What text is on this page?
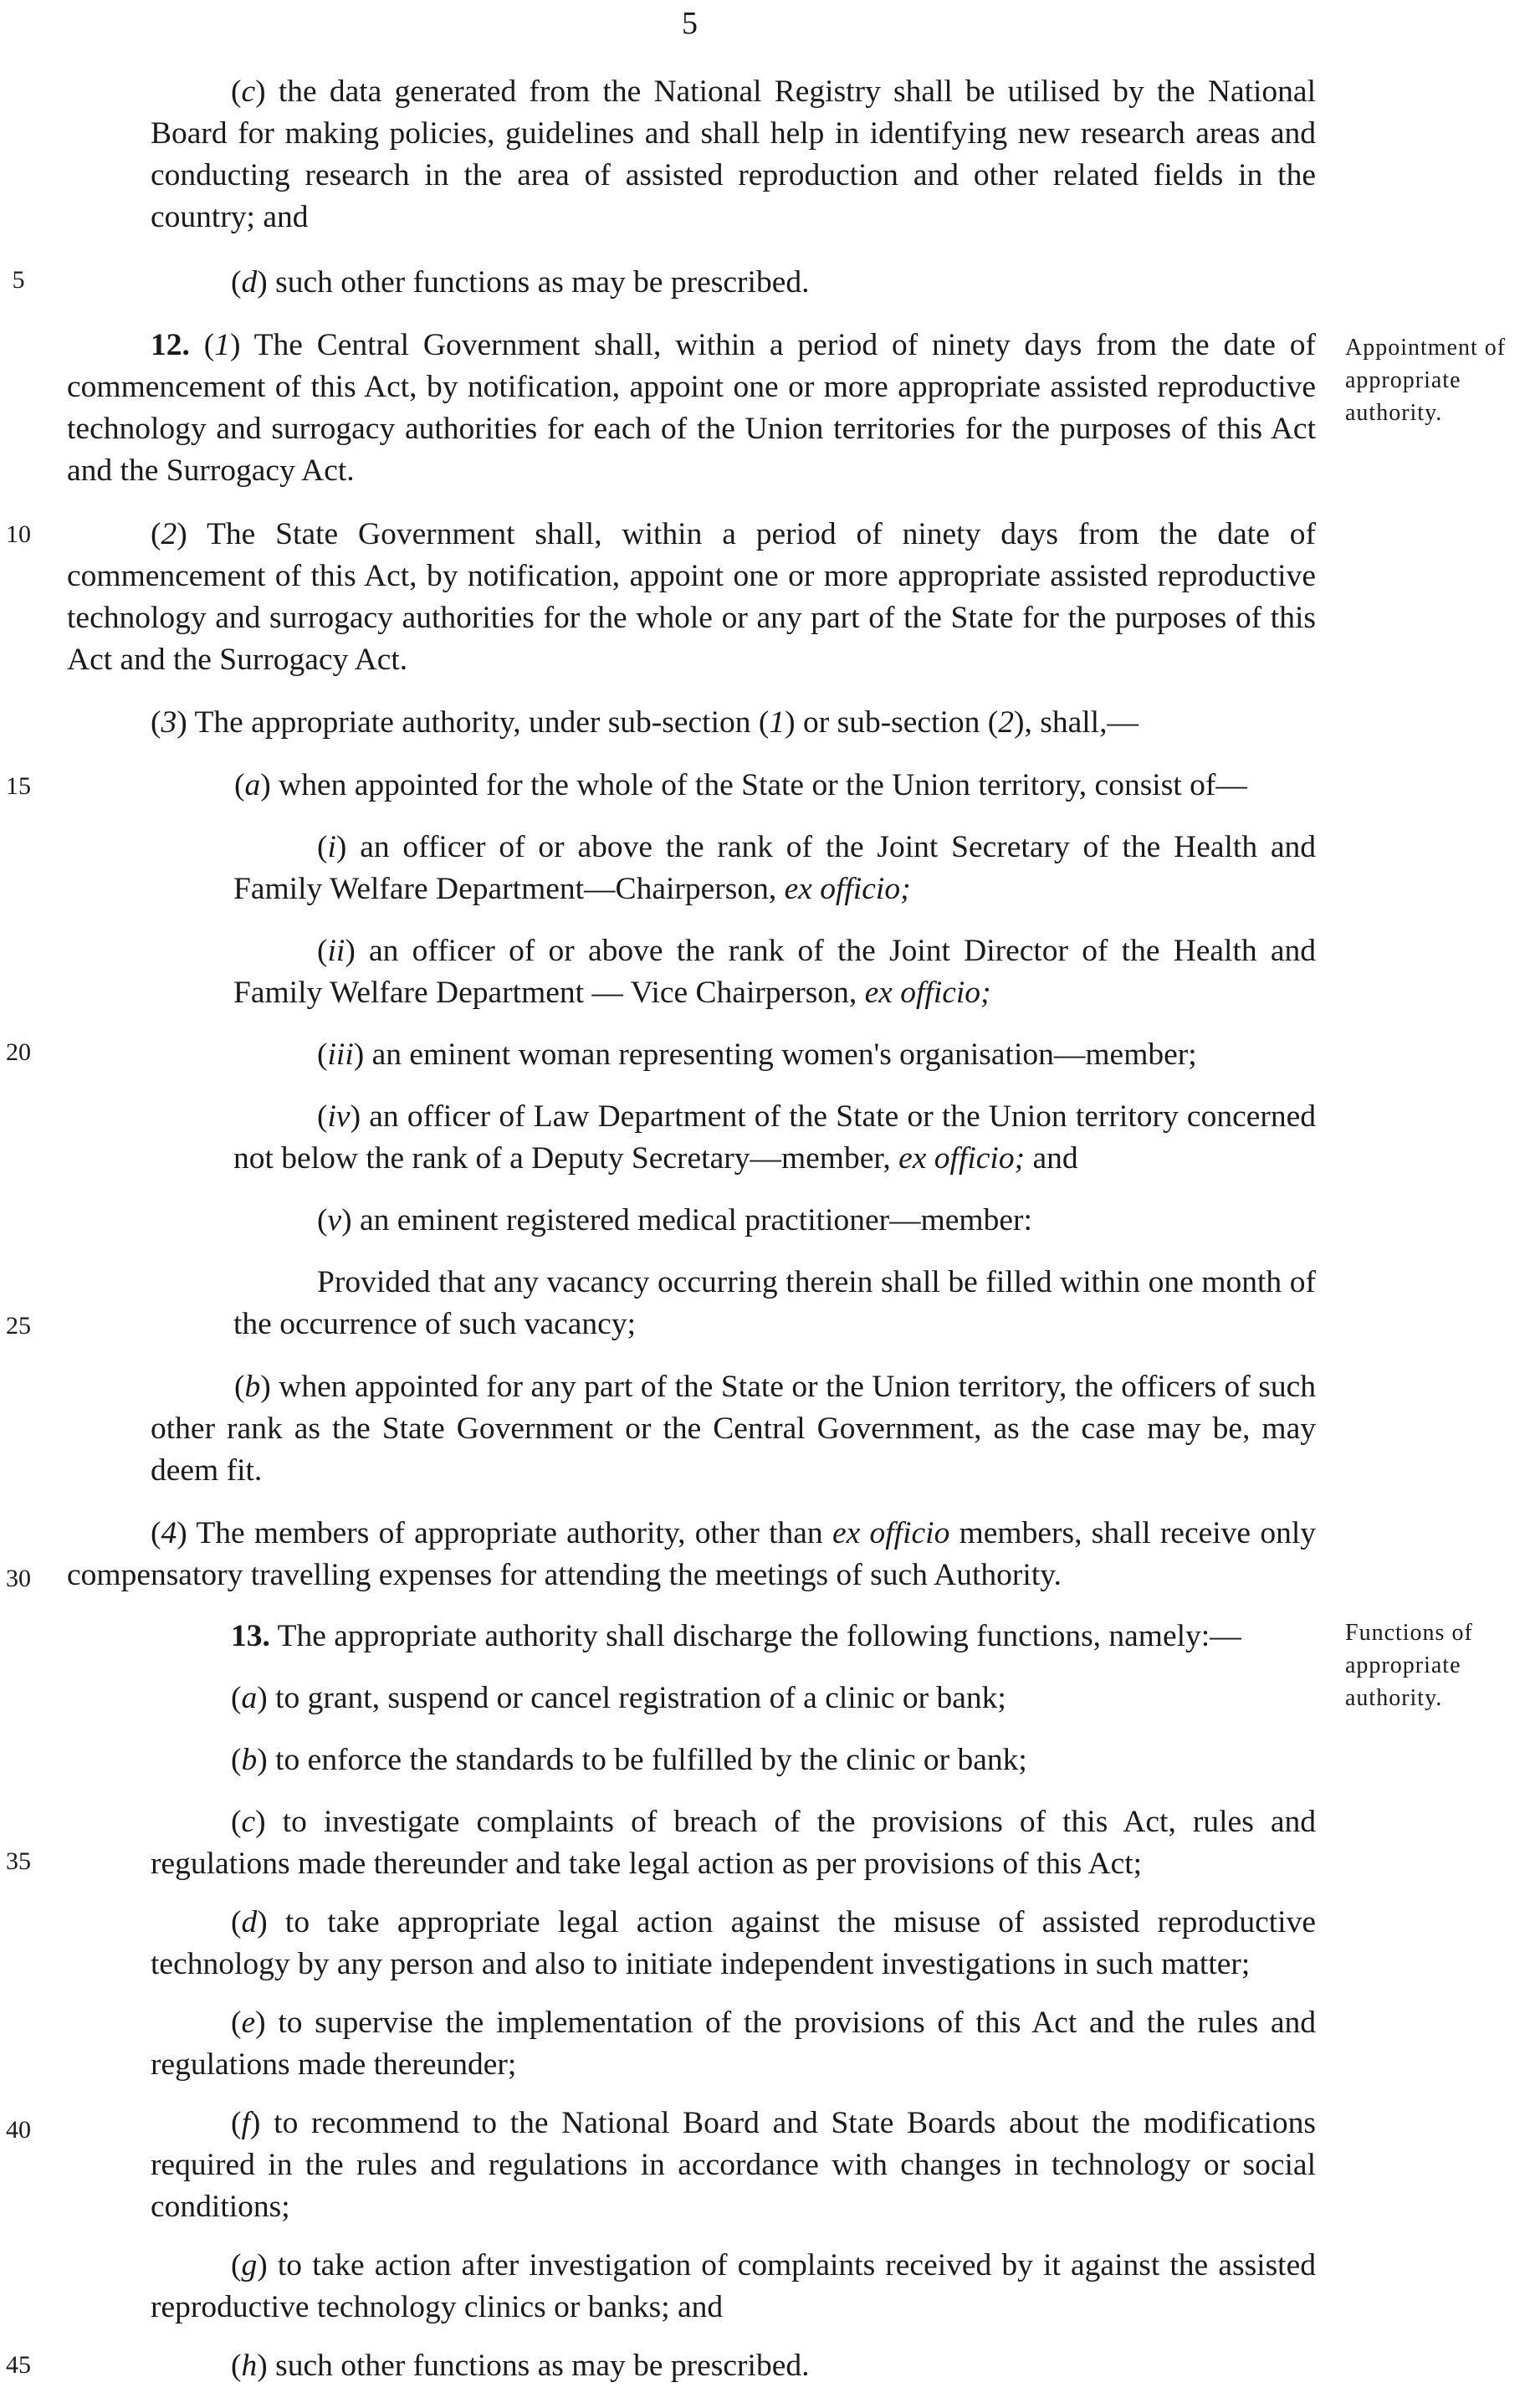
5
5
10
15
20
25
30
35
40
45
Appointment of appropriate authority.
Functions of appropriate authority.

(c) the data generated from the National Registry shall be utilised by the National Board for making policies, guidelines and shall help in identifying new research areas and conducting research in the area of assisted reproduction and other related fields in the country; and

(d) such other functions as may be prescribed.

12. (1) The Central Government shall, within a period of ninety days from the date of commencement of this Act, by notification, appoint one or more appropriate assisted reproductive technology and surrogacy authorities for each of the Union territories for the purposes of this Act and the Surrogacy Act.

(2) The State Government shall, within a period of ninety days from the date of commencement of this Act, by notification, appoint one or more appropriate assisted reproductive technology and surrogacy authorities for the whole or any part of the State for the purposes of this Act and the Surrogacy Act.

(3) The appropriate authority, under sub-section (1) or sub-section (2), shall,—

(a) when appointed for the whole of the State or the Union territory, consist of—

(i) an officer of or above the rank of the Joint Secretary of the Health and Family Welfare Department—Chairperson, ex officio;

(ii) an officer of or above the rank of the Joint Director of the Health and Family Welfare Department — Vice Chairperson, ex officio;

(iii) an eminent woman representing women's organisation—member;

(iv) an officer of Law Department of the State or the Union territory concerned not below the rank of a Deputy Secretary—member, ex officio; and

(v) an eminent registered medical practitioner—member:

Provided that any vacancy occurring therein shall be filled within one month of the occurrence of such vacancy;

(b) when appointed for any part of the State or the Union territory, the officers of such other rank as the State Government or the Central Government, as the case may be, may deem fit.

(4) The members of appropriate authority, other than ex officio members, shall receive only compensatory travelling expenses for attending the meetings of such Authority.

13. The appropriate authority shall discharge the following functions, namely:—

(a) to grant, suspend or cancel registration of a clinic or bank;

(b) to enforce the standards to be fulfilled by the clinic or bank;

(c) to investigate complaints of breach of the provisions of this Act, rules and regulations made thereunder and take legal action as per provisions of this Act;

(d) to take appropriate legal action against the misuse of assisted reproductive technology by any person and also to initiate independent investigations in such matter;

(e) to supervise the implementation of the provisions of this Act and the rules and regulations made thereunder;

(f) to recommend to the National Board and State Boards about the modifications required in the rules and regulations in accordance with changes in technology or social conditions;

(g) to take action after investigation of complaints received by it against the assisted reproductive technology clinics or banks; and

(h) such other functions as may be prescribed.
